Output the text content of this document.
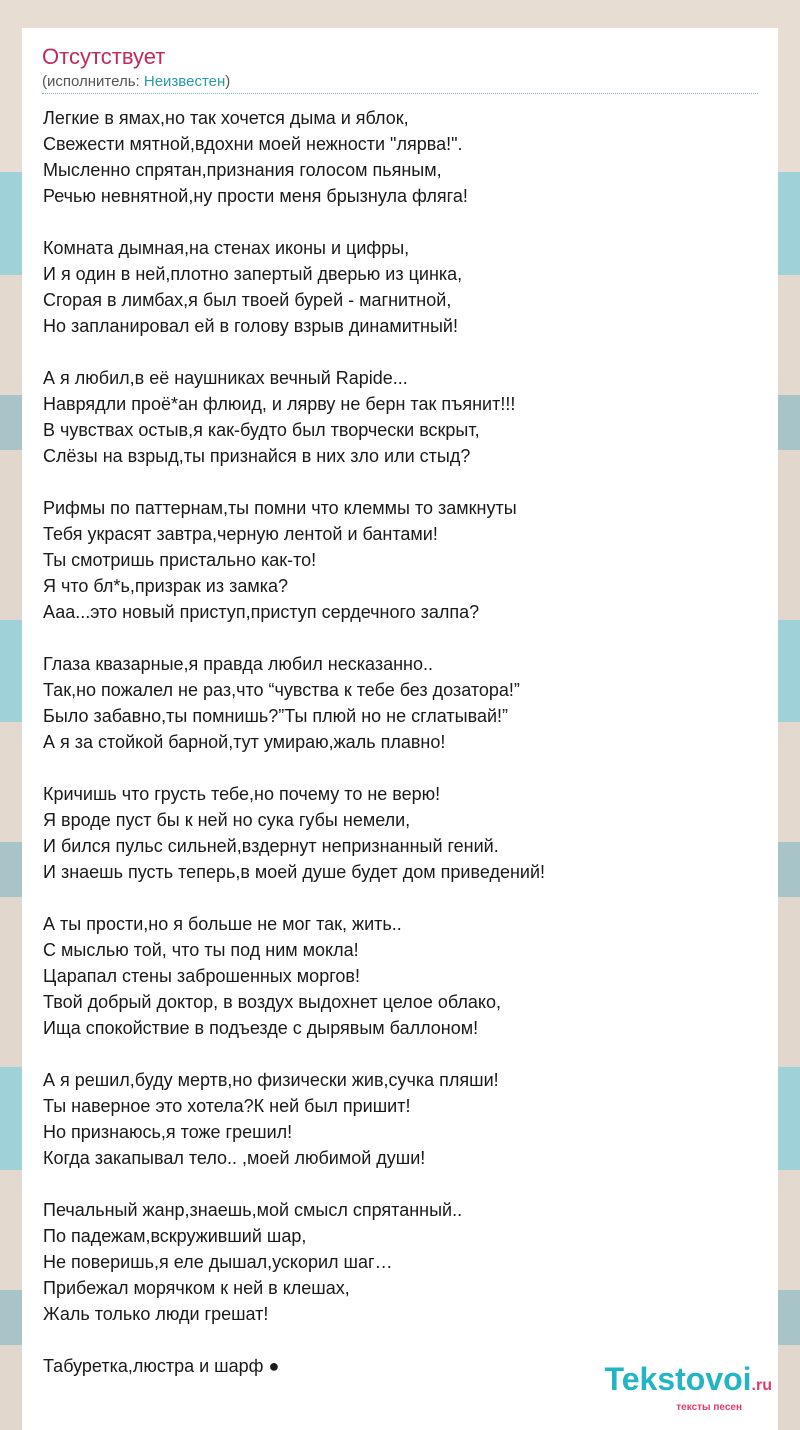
Отсутствует
(исполнитель: Неизвестен)
Легкие в ямах,но так хочется дыма и яблок,
Свежести мятной,вдохни моей нежности "лярва!".
Мысленно спрятан,признания голосом пьяным,
Речью невнятной,ну прости меня брызнула фляга!
Комната дымная,на стенах иконы и цифры,
И я один в ней,плотно запертый дверью из цинка,
Сгорая в лимбах,я был твоей бурей - магнитной,
Но запланировал ей в голову взрыв динамитный!
А я любил,в её наушниках вечный Rapide...
Наврядли проё*ан флюид, и лярву не берн так пъянит!!!
В чувствах остыв,я как-будто был творчески вскрыт,
Слёзы на взрыд,ты признайся в них зло или стыд?
Рифмы по паттернам,ты помни что клеммы то замкнуты
Тебя украсят завтра,черную лентой и бантами!
Ты смотришь пристально как-то!
Я что бл*ь,призрак из замка?
Ааа...это новый приступ,приступ сердечного залпа?
Глаза квазарные,я правда любил несказанно..
Так,но пожалел не раз,что “чувства к тебе без дозатора!”
Было забавно,ты помнишь?”Ты плюй но не сглатывай!”
А я за стойкой барной,тут умираю,жаль плавно!
Кричишь что грусть тебе,но почему то не верю!
Я вроде пуст бы к ней но сука губы немели,
И бился пульс сильней,вздернут непризнанный гений.
И знаешь пусть теперь,в моей душе будет дом приведений!
А ты прости,но я больше не мог так, жить..
С мыслью той, что ты под ним мокла!
Царапал стены заброшенных моргов!
Твой добрый доктор, в воздух выдохнет целое облако,
Ища спокойствие в подъезде с дырявым баллоном!
А я решил,буду мертв,но физически жив,сучка пляши!
Ты наверное это хотела?К ней был пришит!
Но признаюсь,я тоже грешил!
Когда закапывал тело.. ,моей любимой души!
Печальный жанр,знаешь,мой смысл спрятанный..
По падежам,вскруживший шар,
Не поверишь,я еле дышал,ускорил шаг…
Прибежал морячком к ней в клешах,
Жаль только люди грешат!
Табуретка,люстра и шарф ●	Tekstovoi.ru
тексты песен
